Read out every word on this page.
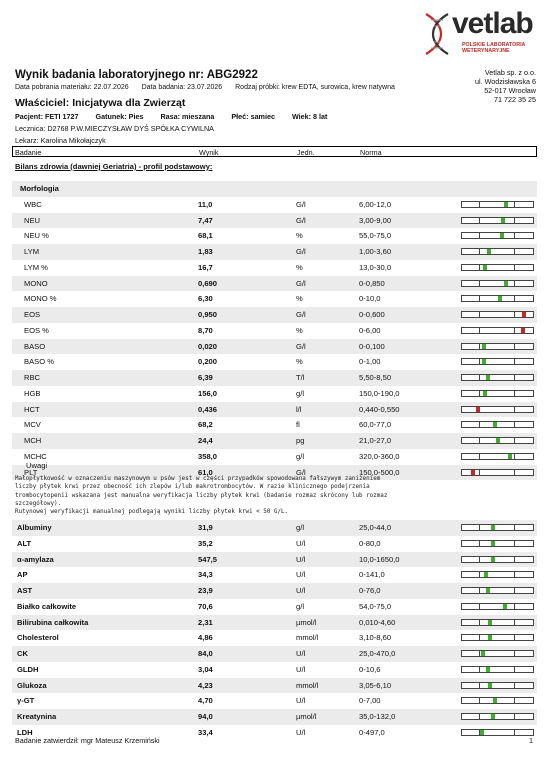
vetlab
POLSKIE LABORATORIA
WETERYNARYJNE
Wynik badania laboratoryjnego nr: ABG2922
Data pobrania materiału: 22.07.2026 Data badania: 23.07.2026 Rodzaj próbki: krew EDTA, surowica, krew natywna
Właściciel: Inicjatywa dla Zwierząt
Pacjent: FETI 1727 Gatunek: Pies Rasa: mieszana Płeć: samiec Wiek: 8 lat
Lecznica: D2768 P.W.MIECZYSŁAW DYŚ SPÓŁKA CYWILNA
Lekarz: Karolina Mikołajczyk
Vetlab sp. z o.o.
ul. Wodzisławska 6
52-017 Wrocław
71 722 35 25
Badanie	Wynik	Jedn.	Norma
Bilans zdrowia (dawniej Geriatria) - profil podstawowy:
Morfologia
WBC	11,0	G/l	6,00-12,0
NEU	7,47	G/l	3,00-9,00
NEU %	68,1	%	55,0-75,0
LYM	1,83	G/l	1,00-3,60
LYM %	16,7	%	13,0-30,0
MONO	0,690	G/l	0-0,850
MONO %	6,30	%	0-10,0
EOS	0,950	G/l	0-0,600
EOS %	8,70	%	0-6,00
BASO	0,020	G/l	0-0,100
BASO %	0,200	%	0-1,00
RBC	6,39	T/l	5,50-8,50
HGB	156,0	g/l	150,0-190,0
HCT	0,436	l/l	0,440-0,550
MCV	68,2	fl	60,0-77,0
MCH	24,4	pg	21,0-27,0
MCHC	358,0	g/l	320,0-360,0
PLT	61,0	G/l	150,0-500,0
Uwagi
Małopłytkowość w oznaczeniu maszynowym u psów jest w części przypadków spowodowana fałszywym zaniżeniem
liczby płytek krwi przez obecność ich zlepów i/lub makrotrombocytów. W razie klinicznego podejrzenia
trombocytopenii wskazana jest manualna weryfikacja liczby płytek krwi (badanie rozmaz skrócony lub rozmaz
szczegółowy).
Rutynowej weryfikacji manualnej podlegają wyniki liczby płytek krwi < 50 G/L.
Albuminy	31,9	g/l	25,0-44,0
ALT	35,2	U/l	0-80,0
α-amylaza	547,5	U/l	10,0-1650,0
AP	34,3	U/l	0-141,0
AST	23,9	U/l	0-76,0
Białko całkowite	70,6	g/l	54,0-75,0
Bilirubina całkowita	2,31	µmol/l	0,010-4,60
Cholesterol	4,86	mmol/l	3,10-8,60
CK	84,0	U/l	25,0-470,0
GLDH	3,04	U/l	0-10,6
Glukoza	4,23	mmol/l	3,05-6,10
γ-GT	4,70	U/l	0-7,00
Kreatynina	94,0	µmol/l	35,0-132,0
LDH	33,4	U/l	0-497,0
Badanie zatwierdził: mgr Mateusz Krzemiński	1
